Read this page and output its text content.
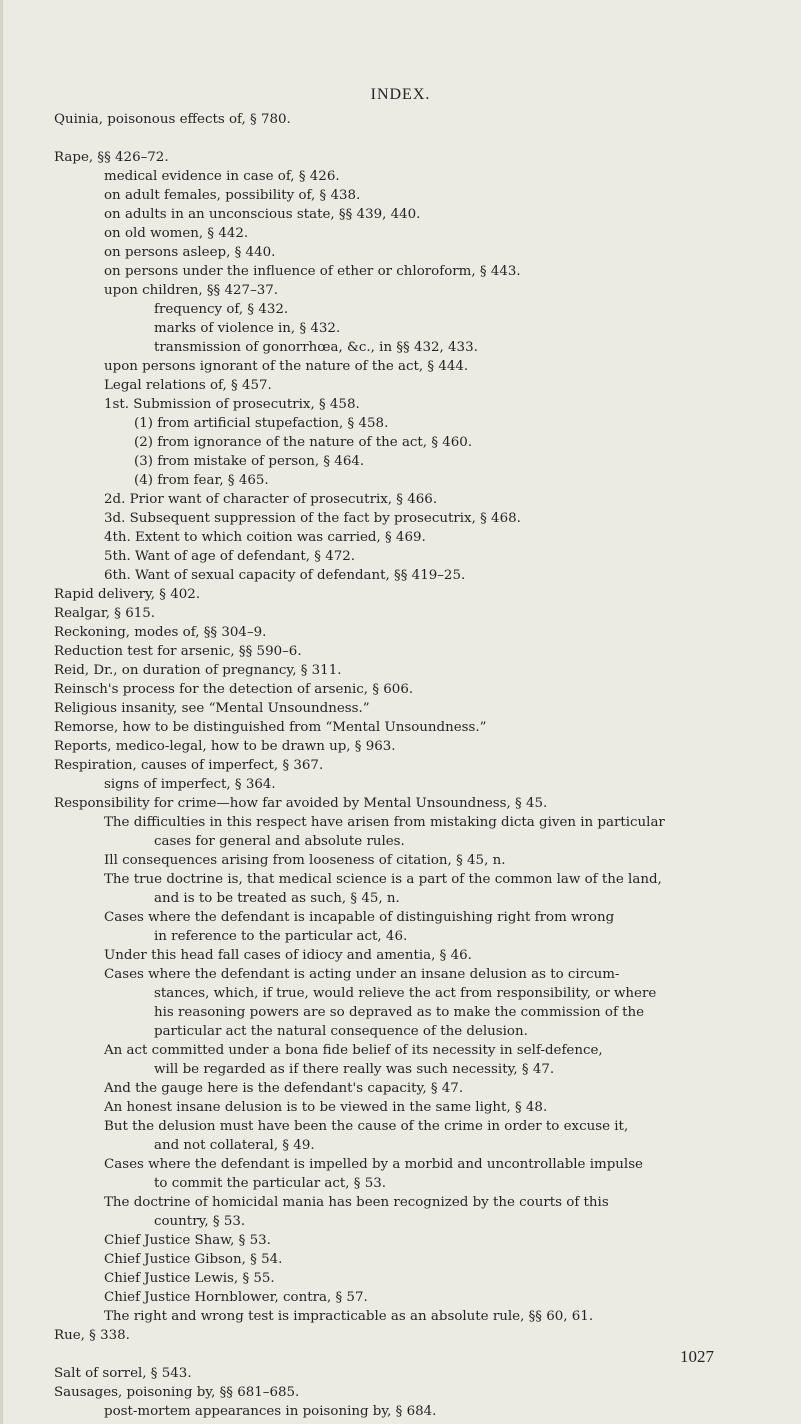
INDEX.
Quinia, poisonous effects of, § 780.
Rape, §§ 426–72.
medical evidence in case of, § 426.
on adult females, possibility of, § 438.
on adults in an unconscious state, §§ 439, 440.
on old women, § 442.
on persons asleep, § 440.
on persons under the influence of ether or chloroform, § 443.
upon children, §§ 427–37.
frequency of, § 432.
marks of violence in, § 432.
transmission of gonorrhœa, &c., in §§ 432, 433.
upon persons ignorant of the nature of the act, § 444.
Legal relations of, § 457.
1st. Submission of prosecutrix, § 458.
(1) from artificial stupefaction, § 458.
(2) from ignorance of the nature of the act, § 460.
(3) from mistake of person, § 464.
(4) from fear, § 465.
2d. Prior want of character of prosecutrix, § 466.
3d. Subsequent suppression of the fact by prosecutrix, § 468.
4th. Extent to which coition was carried, § 469.
5th. Want of age of defendant, § 472.
6th. Want of sexual capacity of defendant, §§ 419–25.
Rapid delivery, § 402.
Realgar, § 615.
Reckoning, modes of, §§ 304–9.
Reduction test for arsenic, §§ 590–6.
Reid, Dr., on duration of pregnancy, § 311.
Reinsch's process for the detection of arsenic, § 606.
Religious insanity, see “Mental Unsoundness.”
Remorse, how to be distinguished from “Mental Unsoundness.”
Reports, medico-legal, how to be drawn up, § 963.
Respiration, causes of imperfect, § 367.
signs of imperfect, § 364.
Responsibility for crime—how far avoided by Mental Unsoundness, § 45.
The difficulties in this respect have arisen from mistaking dicta given in particular
cases for general and absolute rules.
Ill consequences arising from looseness of citation, § 45, n.
The true doctrine is, that medical science is a part of the common law of the land,
and is to be treated as such, § 45, n.
Cases where the defendant is incapable of distinguishing right from wrong
in reference to the particular act, 46.
Under this head fall cases of idiocy and amentia, § 46.
Cases where the defendant is acting under an insane delusion as to circum-
stances, which, if true, would relieve the act from responsibility, or where
his reasoning powers are so depraved as to make the commission of the
particular act the natural consequence of the delusion.
An act committed under a bona fide belief of its necessity in self-defence,
will be regarded as if there really was such necessity, § 47.
And the gauge here is the defendant's capacity, § 47.
An honest insane delusion is to be viewed in the same light, § 48.
But the delusion must have been the cause of the crime in order to excuse it,
and not collateral, § 49.
Cases where the defendant is impelled by a morbid and uncontrollable impulse
to commit the particular act, § 53.
The doctrine of homicidal mania has been recognized by the courts of this
country, § 53.
Chief Justice Shaw, § 53.
Chief Justice Gibson, § 54.
Chief Justice Lewis, § 55.
Chief Justice Hornblower, contra, § 57.
The right and wrong test is impracticable as an absolute rule, §§ 60, 61.
Rue, § 338.
Salt of sorrel, § 543.
Sausages, poisoning by, §§ 681–685.
post-mortem appearances in poisoning by, § 684.
1027
